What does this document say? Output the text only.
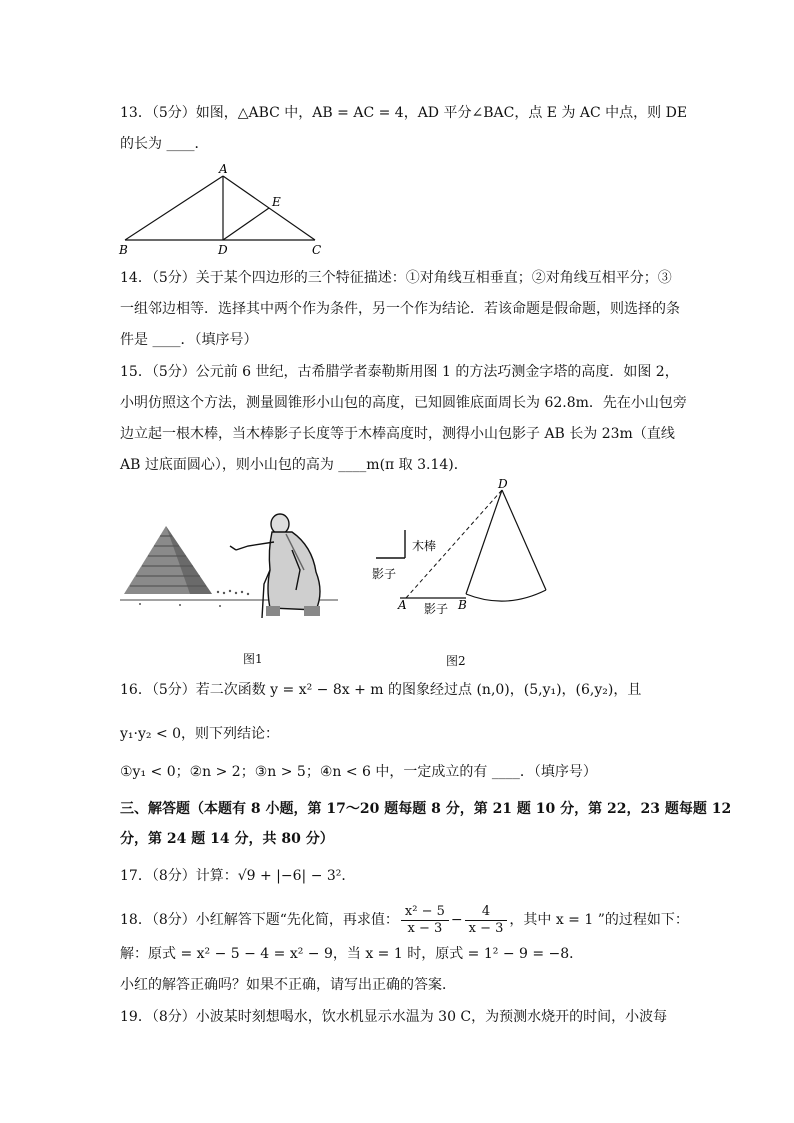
13．（5分）如图，△ABC 中，AB = AC = 4，AD 平分∠BAC，点 E 为 AC 中点，则 DE
的长为 ____．
A
E
B	D	C
14．（5分）关于某个四边形的三个特征描述：①对角线互相垂直；②对角线互相平分；③
一组邻边相等．选择其中两个作为条件，另一个作为结论．若该命题是假命题，则选择的条
件是 ____．（填序号）
15．（5分）公元前 6 世纪，古希腊学者泰勒斯用图 1 的方法巧测金字塔的高度．如图 2，
小明仿照这个方法，测量圆锥形小山包的高度，已知圆锥底面周长为 62.8m．先在小山包旁
边立起一根木棒，当木棒影子长度等于木棒高度时，测得小山包影子 AB 长为 23m（直线
AB 过底面圆心），则小山包的高为 ____m(π 取 3.14)．
木棒
影子
D
A	B
影子
图1	图2
16．（5分）若二次函数 y = x² − 8x + m 的图象经过点 (n,0)，(5,y₁)，(6,y₂)，且
y₁·y₂ < 0，则下列结论：
①y₁ < 0；②n > 2；③n > 5；④n < 6 中，一定成立的有 ____．（填序号）
三、解答题（本题有 8 小题，第 17～20 题每题 8 分，第 21 题 10 分，第 22，23 题每题 12
分，第 24 题 14 分，共 80 分）
17．（8分）计算：√9 + |−6| − 3²．
18．（8分）小红解答下题“先化简，再求值： $\frac{\text{x² − 5}}{x - 3} - \frac{4}{x - 3}$ ，其中 x = 1 ”的过程如下：
解：原式 = x² − 5 − 4 = x² − 9，当 x = 1 时，原式 = 1² − 9 = −8．
小红的解答正确吗？如果不正确，请写出正确的答案．
19．（8分）小波某时刻想喝水，饮水机显示水温为 30 C，为预测水烧开的时间，小波每
